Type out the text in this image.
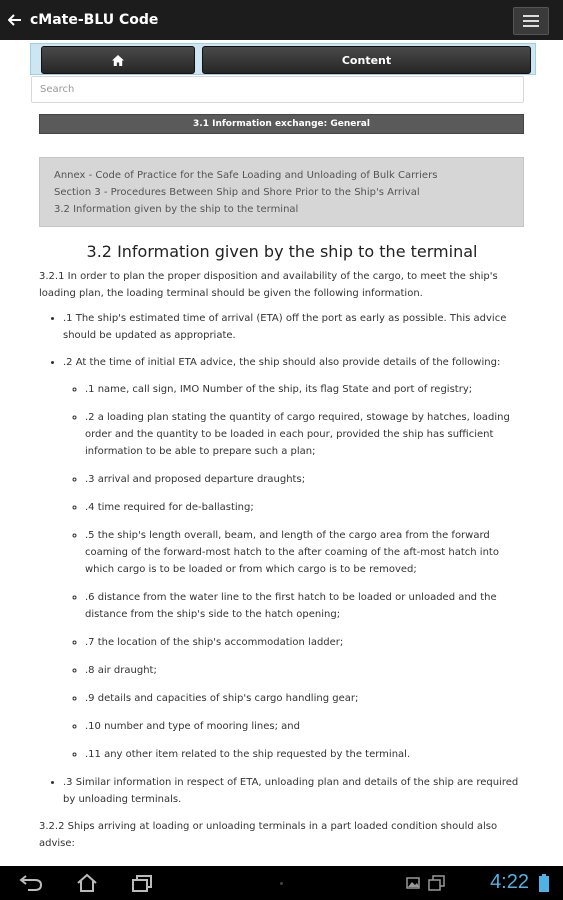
cMate-BLU Code
Content
Search
3.1 Information exchange: General
Annex - Code of Practice for the Safe Loading and Unloading of Bulk Carriers
Section 3 - Procedures Between Ship and Shore Prior to the Ship's Arrival
3.2 Information given by the ship to the terminal
3.2 Information given by the ship to the terminal

3.2.1 In order to plan the proper disposition and availability of the cargo, to meet the ship's loading plan, the loading terminal should be given the following information.

• .1 The ship's estimated time of arrival (ETA) off the port as early as possible. This advice should be updated as appropriate.
• .2 At the time of initial ETA advice, the ship should also provide details of the following:
◦ .1 name, call sign, IMO Number of the ship, its flag State and port of registry;
◦ .2 a loading plan stating the quantity of cargo required, stowage by hatches, loading order and the quantity to be loaded in each pour, provided the ship has sufficient information to be able to prepare such a plan;
◦ .3 arrival and proposed departure draughts;
◦ .4 time required for de-ballasting;
◦ .5 the ship's length overall, beam, and length of the cargo area from the forward coaming of the forward-most hatch to the after coaming of the aft-most hatch into which cargo is to be loaded or from which cargo is to be removed;
◦ .6 distance from the water line to the first hatch to be loaded or unloaded and the distance from the ship's side to the hatch opening;
◦ .7 the location of the ship's accommodation ladder;
◦ .8 air draught;
◦ .9 details and capacities of ship's cargo handling gear;
◦ .10 number and type of mooring lines; and
◦ .11 any other item related to the ship requested by the terminal.
• .3 Similar information in respect of ETA, unloading plan and details of the ship are required by unloading terminals.

3.2.2 Ships arriving at loading or unloading terminals in a part loaded condition should also advise:

4:22
